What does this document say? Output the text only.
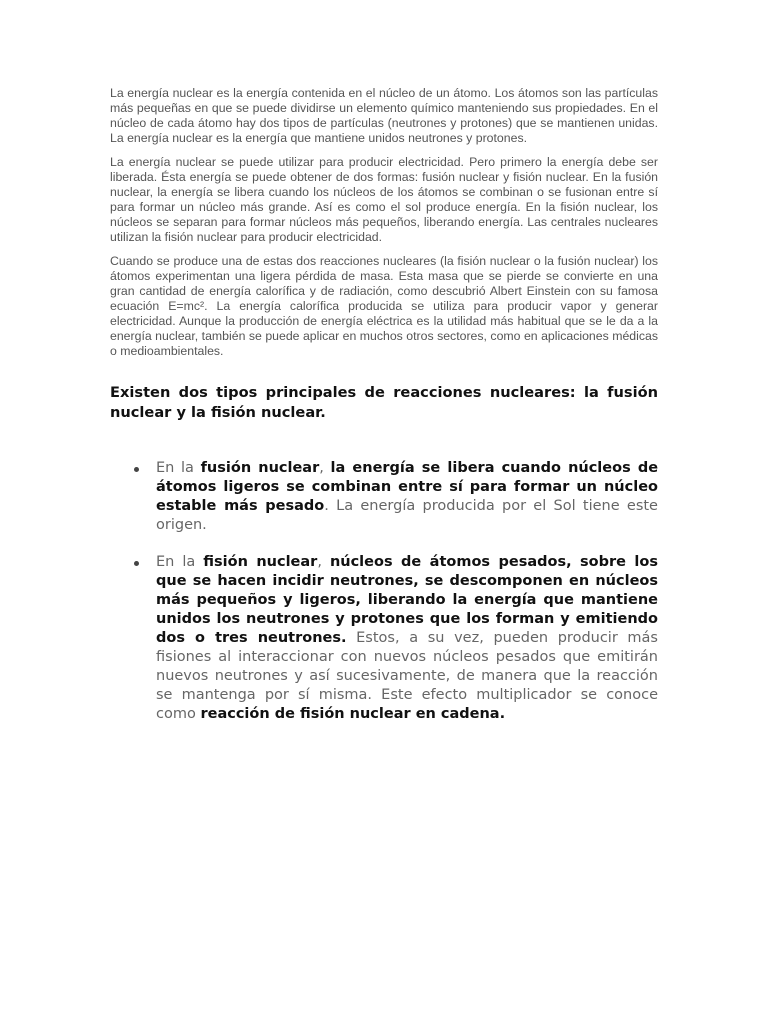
La energía nuclear es la energía contenida en el núcleo de un átomo. Los átomos son las partículas más pequeñas en que se puede dividirse un elemento químico manteniendo sus propiedades. En el núcleo de cada átomo hay dos tipos de partículas (neutrones y protones) que se mantienen unidas. La energía nuclear es la energía que mantiene unidos neutrones y protones.

La energía nuclear se puede utilizar para producir electricidad. Pero primero la energía debe ser liberada. Ésta energía se puede obtener de dos formas: fusión nuclear y fisión nuclear. En la fusión nuclear, la energía se libera cuando los núcleos de los átomos se combinan o se fusionan entre sí para formar un núcleo más grande. Así es como el sol produce energía. En la fisión nuclear, los núcleos se separan para formar núcleos más pequeños, liberando energía. Las centrales nucleares utilizan la fisión nuclear para producir electricidad.

Cuando se produce una de estas dos reacciones nucleares (la fisión nuclear o la fusión nuclear) los átomos experimentan una ligera pérdida de masa. Esta masa que se pierde se convierte en una gran cantidad de energía calorífica y de radiación, como descubrió Albert Einstein con su famosa ecuación E=mc². La energía calorífica producida se utiliza para producir vapor y generar electricidad. Aunque la producción de energía eléctrica es la utilidad más habitual que se le da a la energía nuclear, también se puede aplicar en muchos otros sectores, como en aplicaciones médicas o medioambientales.

Existen dos tipos principales de reacciones nucleares: la fusión nuclear y la fisión nuclear.

En la fusión nuclear, la energía se libera cuando núcleos de átomos ligeros se combinan entre sí para formar un núcleo estable más pesado. La energía producida por el Sol tiene este origen.
En la fisión nuclear, núcleos de átomos pesados, sobre los que se hacen incidir neutrones, se descomponen en núcleos más pequeños y ligeros, liberando la energía que mantiene unidos los neutrones y protones que los forman y emitiendo dos o tres neutrones. Estos, a su vez, pueden producir más fisiones al interaccionar con nuevos núcleos pesados que emitirán nuevos neutrones y así sucesivamente, de manera que la reacción se mantenga por sí misma. Este efecto multiplicador se conoce como reacción de fisión nuclear en cadena.
